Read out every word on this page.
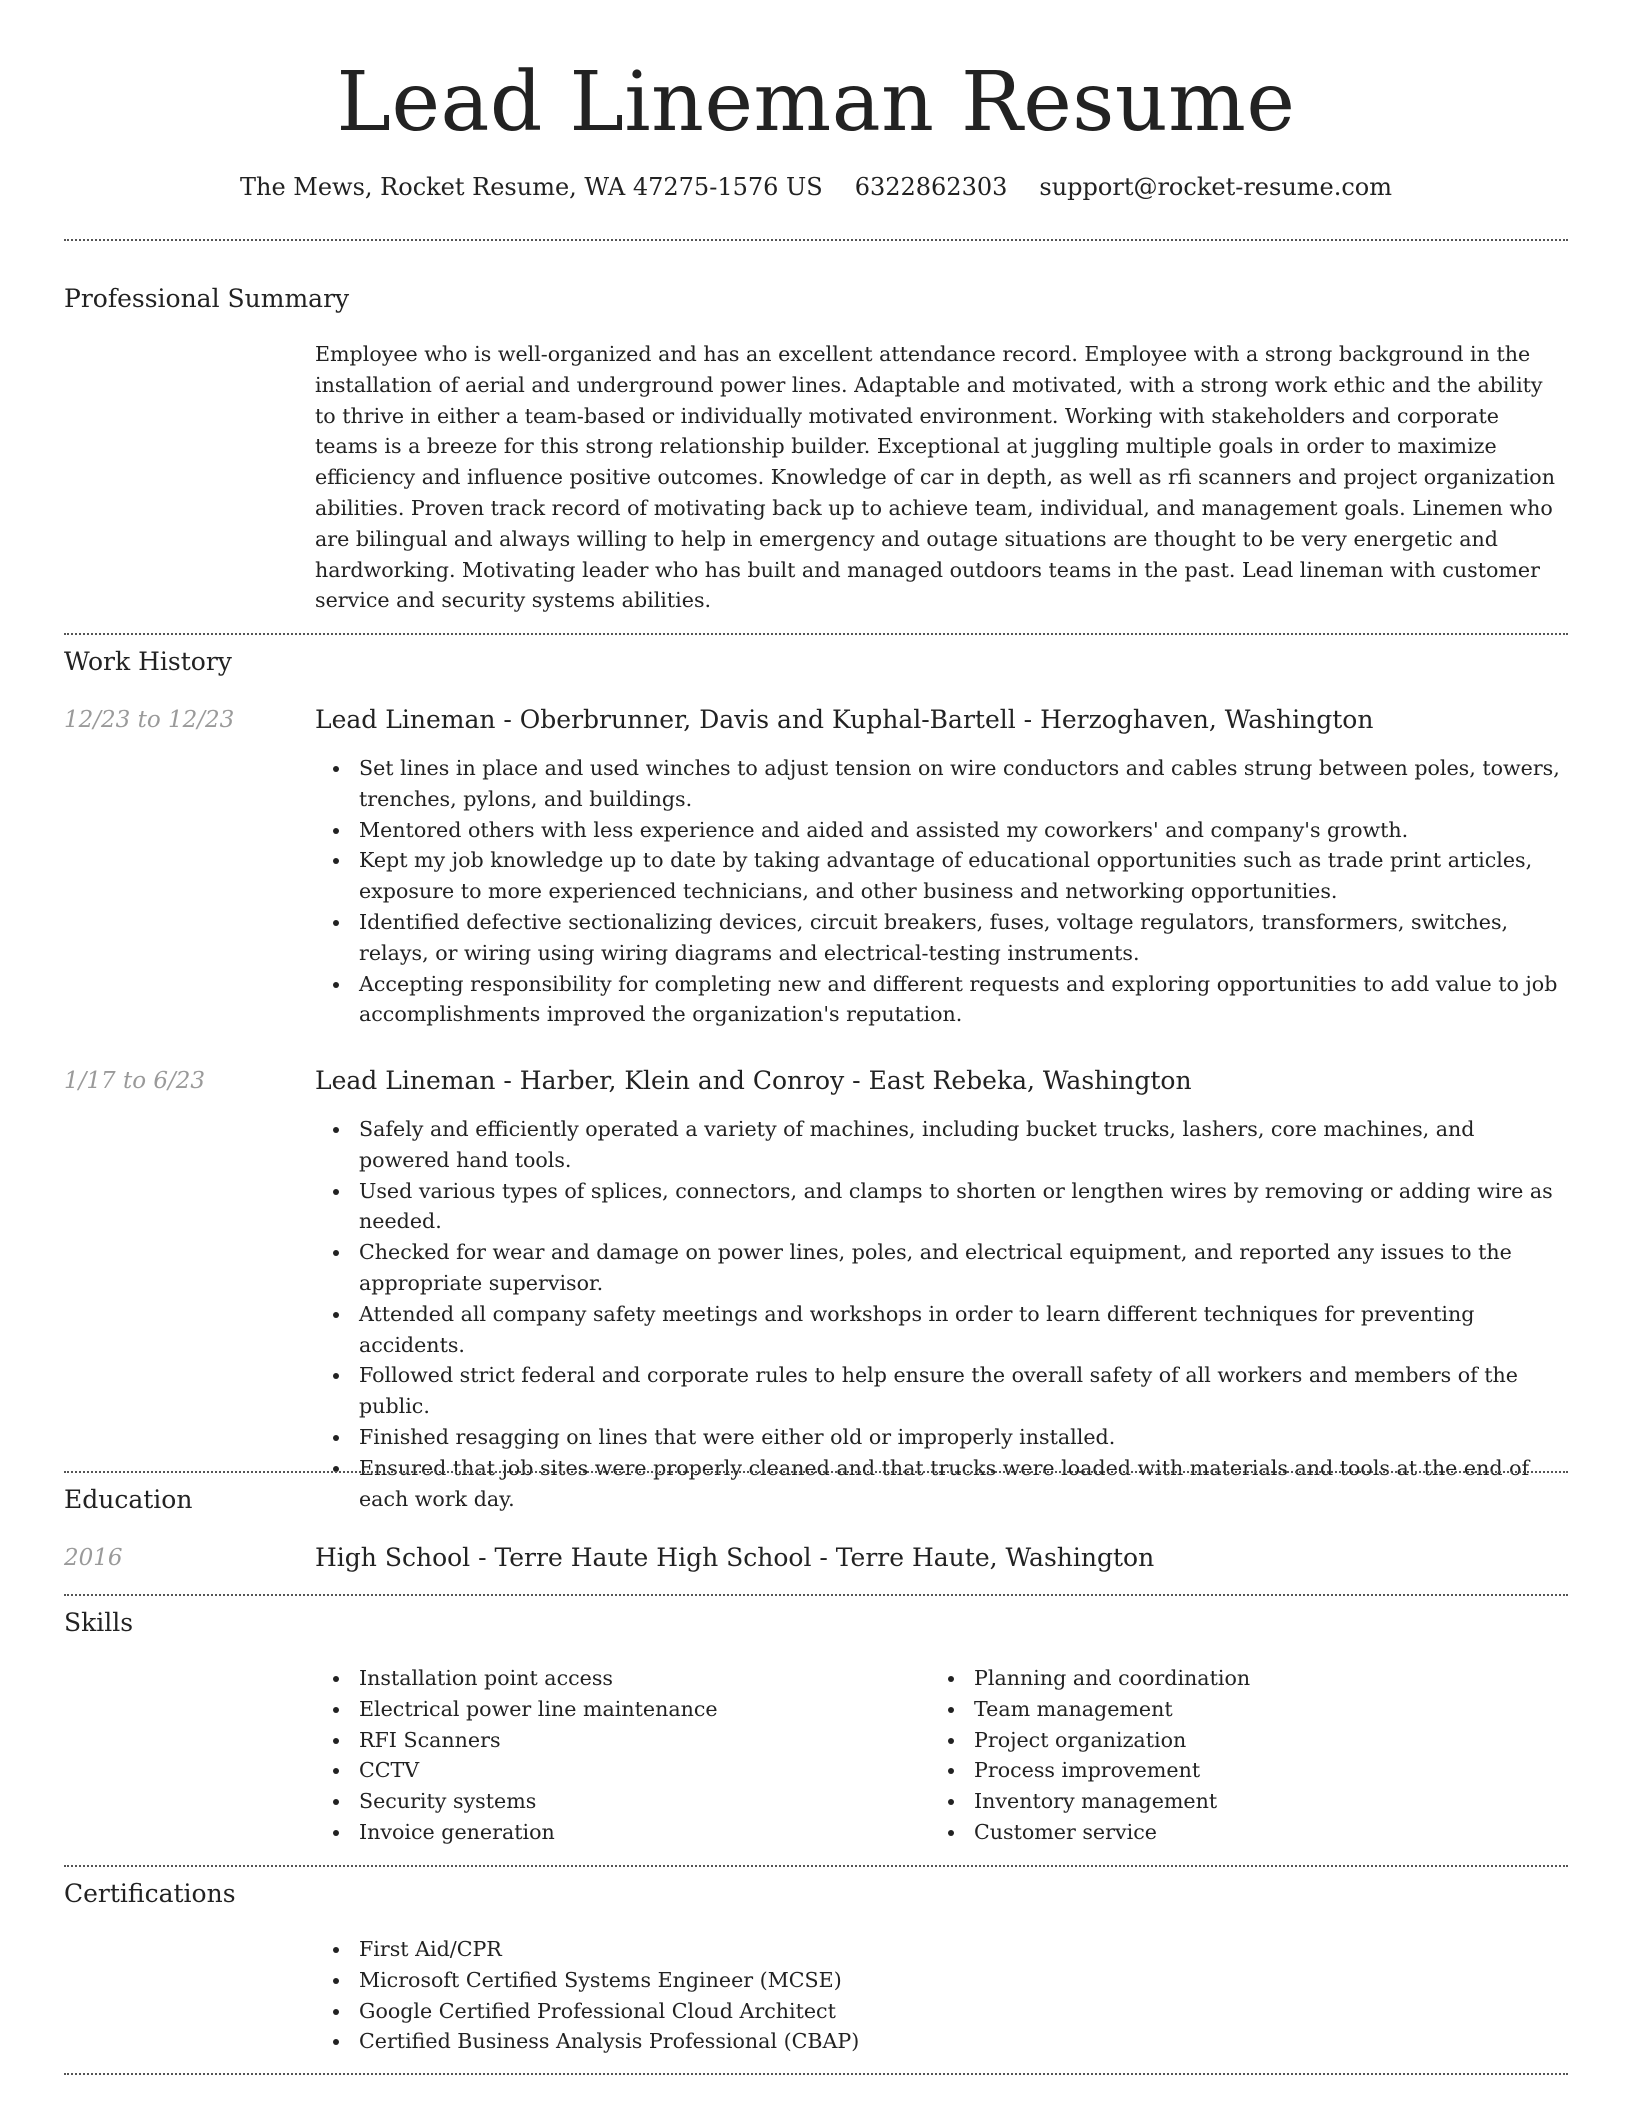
Lead Lineman Resume
The Mews, Rocket Resume, WA 47275-1576 US 6322862303 support@rocket-resume.com
Professional Summary

Employee who is well-organized and has an excellent attendance record. Employee with a strong background in the installation of aerial and underground power lines. Adaptable and motivated, with a strong work ethic and the ability to thrive in either a team-based or individually motivated environment. Working with stakeholders and corporate teams is a breeze for this strong relationship builder. Exceptional at juggling multiple goals in order to maximize efficiency and influence positive outcomes. Knowledge of car in depth, as well as rfi scanners and project organization abilities. Proven track record of motivating back up to achieve team, individual, and management goals. Linemen who are bilingual and always willing to help in emergency and outage situations are thought to be very energetic and hardworking. Motivating leader who has built and managed outdoors teams in the past. Lead lineman with customer service and security systems abilities.

Work History
12/23 to 12/23	Lead Lineman - Oberbrunner, Davis and Kuphal-Bartell - Herzoghaven, Washington
Set lines in place and used winches to adjust tension on wire conductors and cables strung between poles, towers, trenches, pylons, and buildings.
Mentored others with less experience and aided and assisted my coworkers' and company's growth.
Kept my job knowledge up to date by taking advantage of educational opportunities such as trade print articles, exposure to more experienced technicians, and other business and networking opportunities.
Identified defective sectionalizing devices, circuit breakers, fuses, voltage regulators, transformers, switches, relays, or wiring using wiring diagrams and electrical-testing instruments.
Accepting responsibility for completing new and different requests and exploring opportunities to add value to job accomplishments improved the organization's reputation.
1/17 to 6/23	Lead Lineman - Harber, Klein and Conroy - East Rebeka, Washington
Safely and efficiently operated a variety of machines, including bucket trucks, lashers, core machines, and powered hand tools.
Used various types of splices, connectors, and clamps to shorten or lengthen wires by removing or adding wire as needed.
Checked for wear and damage on power lines, poles, and electrical equipment, and reported any issues to the appropriate supervisor.
Attended all company safety meetings and workshops in order to learn different techniques for preventing accidents.
Followed strict federal and corporate rules to help ensure the overall safety of all workers and members of the public.
Finished resagging on lines that were either old or improperly installed.
Ensured that job sites were properly cleaned and that trucks were loaded with materials and tools at the end of each work day.
Education
2016	High School - Terre Haute High School - Terre Haute, Washington
Skills
Installation point access
Electrical power line maintenance
RFI Scanners
CCTV
Security systems
Invoice generation
Planning and coordination
Team management
Project organization
Process improvement
Inventory management
Customer service
Certifications
First Aid/CPR
Microsoft Certified Systems Engineer (MCSE)
Google Certified Professional Cloud Architect
Certified Business Analysis Professional (CBAP)
